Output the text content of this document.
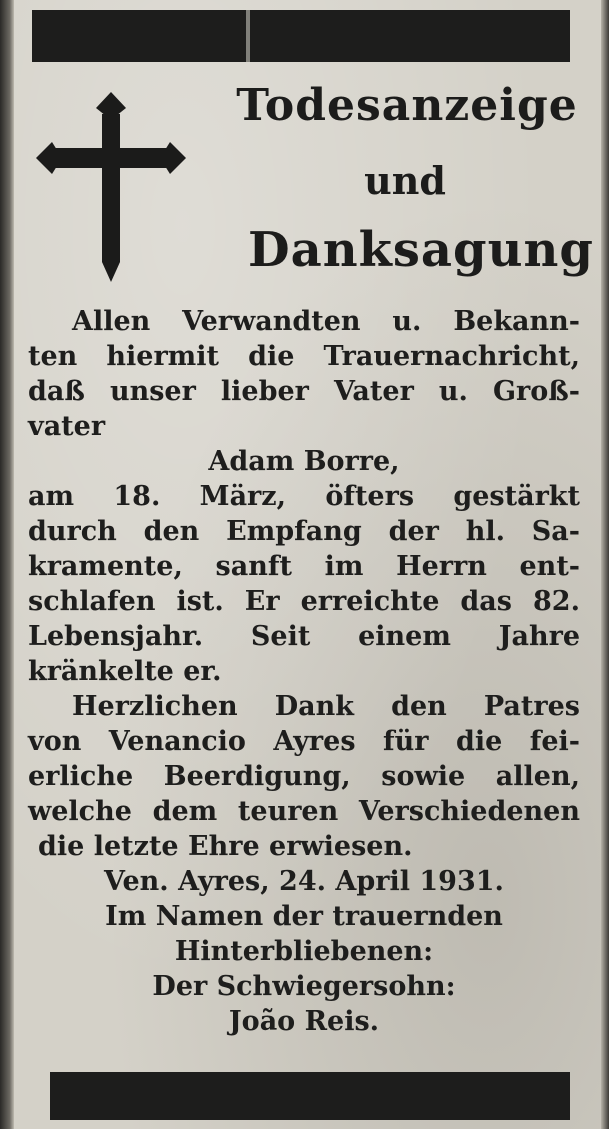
Todesanzeige
und
Danksagung
Allen Verwandten u. Bekann-
ten hiermit die Trauernachricht,
daß unser lieber Vater u. Groß-
vater
Adam Borre,
am 18. März, öfters gestärkt
durch den Empfang der hl. Sa-
kramente, sanft im Herrn ent-
schlafen ist. Er erreichte das 82.
Lebensjahr. Seit einem Jahre
kränkelte er.
Herzlichen Dank den Patres
von Venancio Ayres für die fei-
erliche Beerdigung, sowie allen,
welche dem teuren Verschiedenen
die letzte Ehre erwiesen.
Ven. Ayres, 24. April 1931.
Im Namen der trauernden
Hinterbliebenen:
Der Schwiegersohn:
João Reis.
